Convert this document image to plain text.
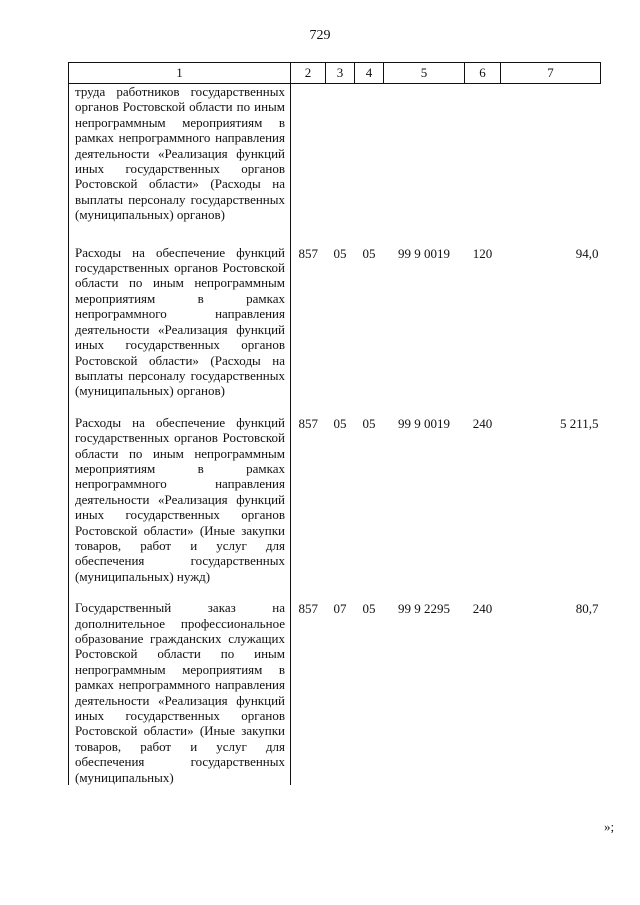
729
1	2	3	4	5	6	7
труда работников государственных органов Ростовской области по иным непрограммным мероприятиям в рамках непрограммного направления деятельности «Реализация функций иных государственных органов Ростовской области» (Расходы на выплаты персоналу государственных (муниципальных) органов)						
Расходы на обеспечение функций государственных органов Ростовской области по иным непрограммным мероприятиям в рамках непрограммного направления деятельности «Реализация функций иных государственных органов Ростовской области» (Расходы на выплаты персоналу государственных (муниципальных) органов)	857	05	05	99 9 0019	120	94,0
Расходы на обеспечение функций государственных органов Ростовской области по иным непрограммным мероприятиям в рамках непрограммного направления деятельности «Реализация функций иных государственных органов Ростовской области» (Иные закупки товаров, работ и услуг для обеспечения государственных (муниципальных) нужд)	857	05	05	99 9 0019	240	5 211,5
Государственный заказ на дополнительное профессиональное образование гражданских служащих Ростовской области по иным непрограммным мероприятиям в рамках непрограммного направления деятельности «Реализация функций иных государственных органов Ростовской области» (Иные закупки товаров, работ и услуг для обеспечения государственных (муниципальных)	857	07	05	99 9 2295	240	80,7
»;
